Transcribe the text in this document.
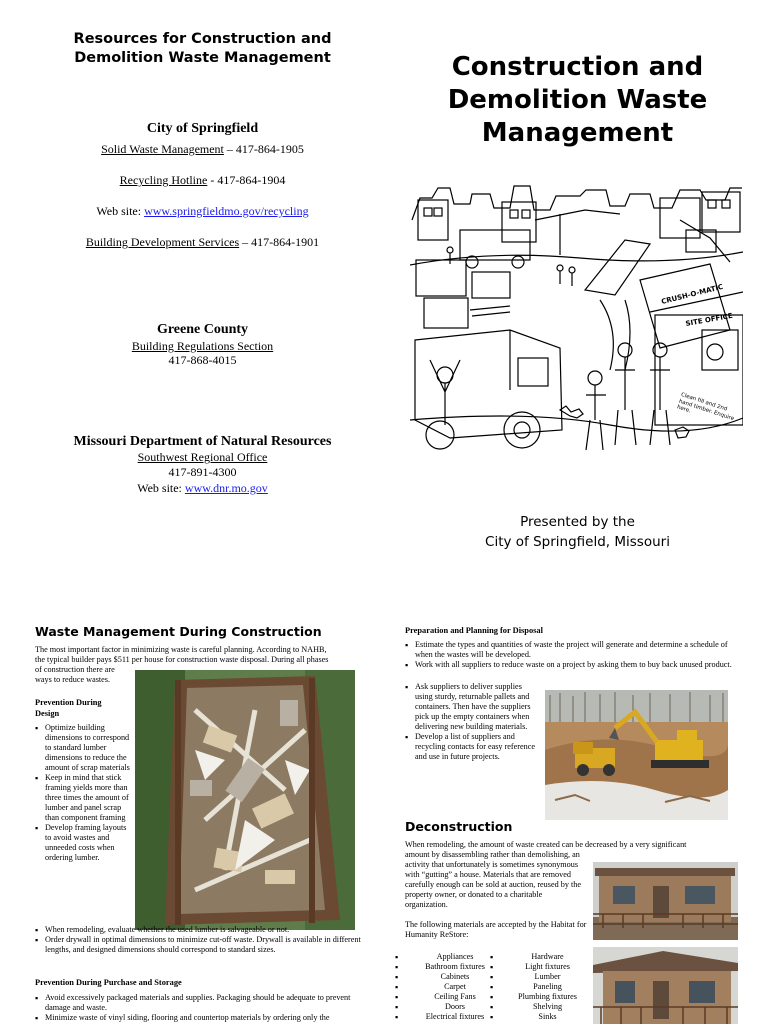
Resources for Construction and
Demolition Waste Management
City of Springfield
Solid Waste Management – 417-864-1905
Recycling Hotline - 417-864-1904
Web site: www.springfieldmo.gov/recycling
Building Development Services – 417-864-1901
Greene County
Building Regulations Section
417-868-4015
Missouri Department of Natural Resources
Southwest Regional Office
417-891-4300
Web site: www.dnr.mo.gov
Construction and
Demolition Waste
Management
CRUSH-O-MATIC
SITE OFFICE
Clean fill and 2nd hand timber. Enquire here.
Presented by the
City of Springfield, Missouri
Waste Management During Construction
The most important factor in minimizing waste is careful planning. According to NAHB,
the typical builder pays $511 per house for construction waste disposal. During all phases
of construction there are
ways to reduce wastes.
Prevention During Design
▪ Optimize building dimensions to correspond to standard lumber dimensions to reduce the amount of scrap materials
▪ Keep in mind that stick framing yields more than three times the amount of lumber and panel scrap than component framing
▪ Develop framing layouts to avoid wastes and unneeded costs when ordering lumber.
▪ When remodeling, evaluate whether the used lumber is salvageable or not.
▪ Order drywall in optimal dimensions to minimize cut-off waste. Drywall is available in different lengths, and designed dimensions should correspond to standard sizes.
Prevention During Purchase and Storage
▪ Avoid excessively packaged materials and supplies. Packaging should be adequate to prevent damage and waste.
▪ Minimize waste of vinyl siding, flooring and countertop materials by ordering only the
Preparation and Planning for Disposal
▪ Estimate the types and quantities of waste the project will generate and determine a schedule of when the wastes will be developed.
▪ Work with all suppliers to reduce waste on a project by asking them to buy back unused product.
▪ Ask suppliers to deliver supplies using sturdy, returnable pallets and containers. Then have the suppliers pick up the empty containers when delivering new building materials.
▪ Develop a list of suppliers and recycling contacts for easy reference and use in future projects.
Deconstruction
When remodeling, the amount of waste created can be decreased by a very significant
amount by disassembling rather than demolishing, an activity that unfortunately is sometimes synonymous with “gutting” a house. Materials that are removed carefully enough can be sold at auction, reused by the property owner, or donated to a charitable organization.
The following materials are accepted by the Habitat for Humanity ReStore:
▪ Appliances
▪ Bathroom fixtures
▪ Cabinets
▪ Carpet
▪ Ceiling Fans
▪ Doors
▪ Electrical fixtures
▪ Hardware
▪ Light fixtures
▪ Lumber
▪ Paneling
▪ Plumbing fixtures
▪ Shelving
▪ Sinks
